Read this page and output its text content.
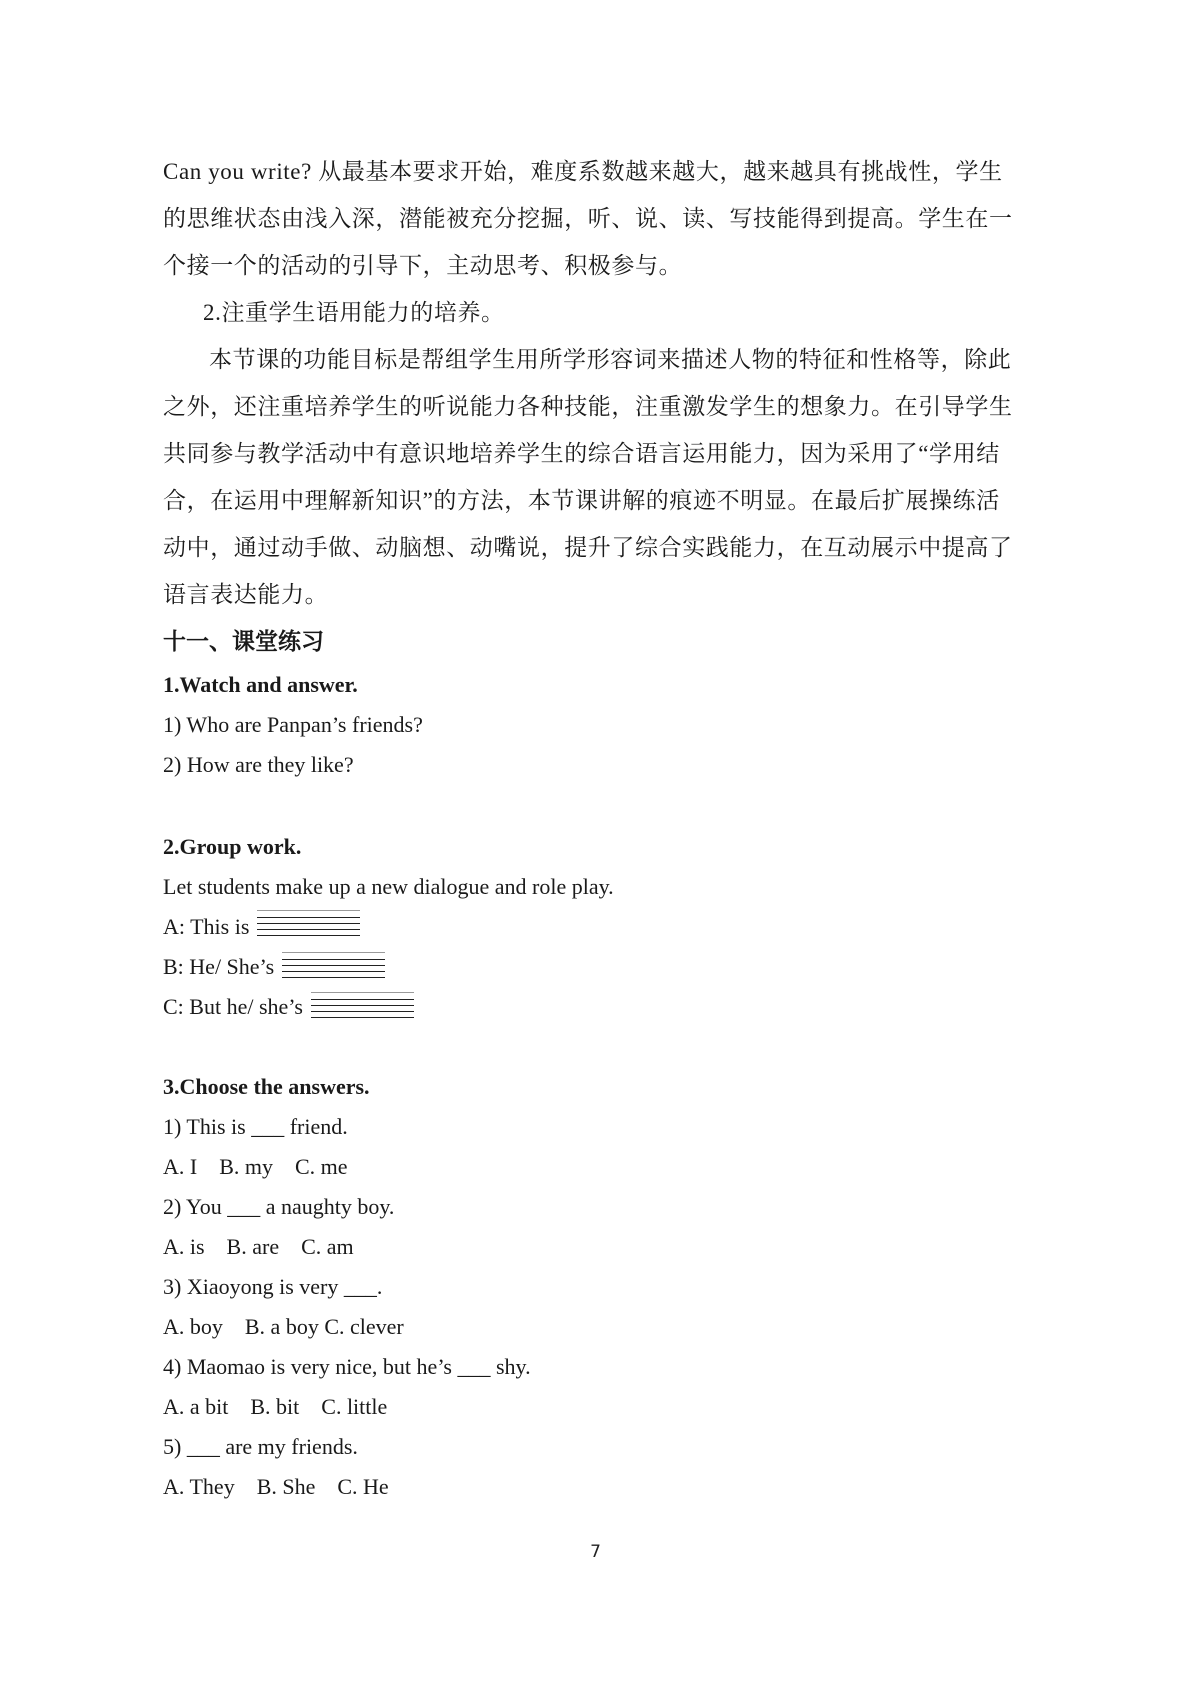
Can you write? 从最基本要求开始，难度系数越来越大，越来越具有挑战性，学生的思维状态由浅入深，潜能被充分挖掘，听、说、读、写技能得到提高。学生在一个接一个的活动的引导下，主动思考、积极参与。

2.注重学生语用能力的培养。

本节课的功能目标是帮组学生用所学形容词来描述人物的特征和性格等，除此之外，还注重培养学生的听说能力各种技能，注重激发学生的想象力。在引导学生共同参与教学活动中有意识地培养学生的综合语言运用能力，因为采用了“学用结合，在运用中理解新知识”的方法，本节课讲解的痕迹不明显。在最后扩展操练活动中，通过动手做、动脑想、动嘴说，提升了综合实践能力，在互动展示中提高了语言表达能力。

十一、课堂练习

1.Watch and answer.

1) Who are Panpan’s friends?

2) How are they like?

2.Group work.

Let students make up a new dialogue and role play.

A: This is
B: He/ She’s
C: But he/ she’s

3.Choose the answers.

1) This is ___ friend.

A. I    B. my    C. me

2) You ___ a naughty boy.

A. is    B. are    C. am

3) Xiaoyong is very ___.

A. boy    B. a boy C. clever

4) Maomao is very nice, but he’s ___ shy.

A. a bit    B. bit    C. little

5) ___ are my friends.

A. They    B. She    C. He

7
